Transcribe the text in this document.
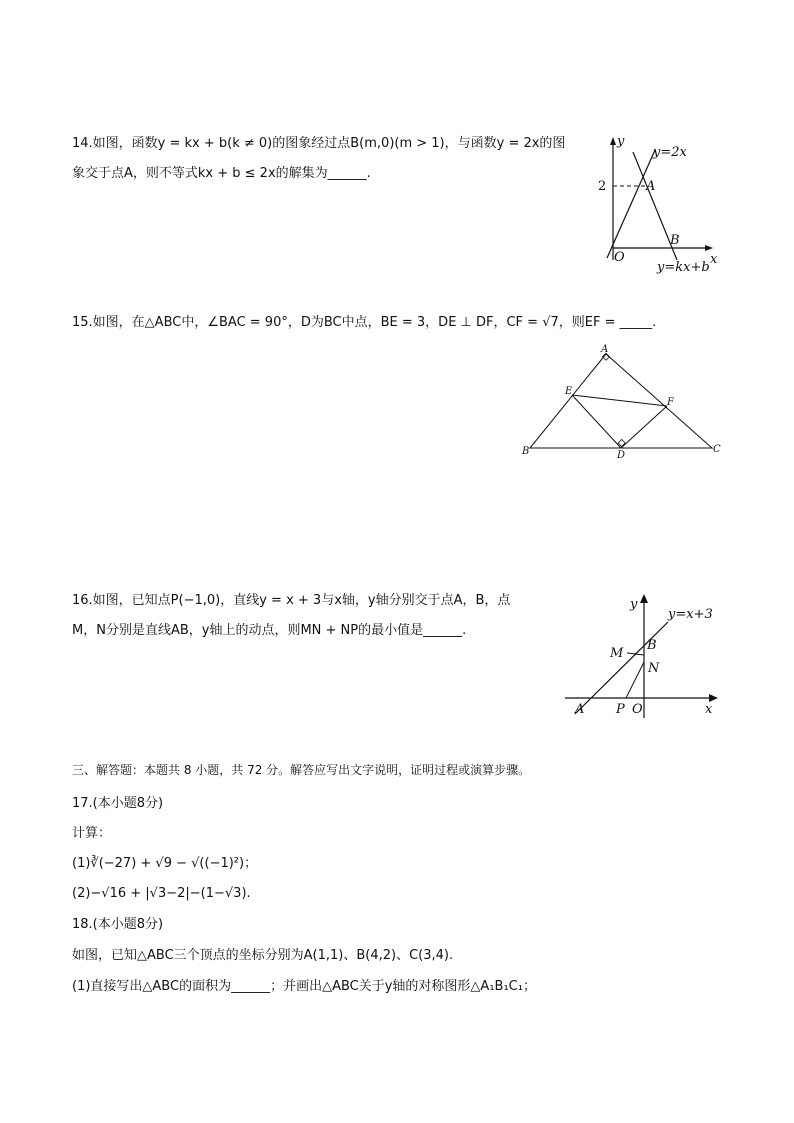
14.如图，函数y = kx + b(k ≠ 0)的图象经过点B(m,0)(m > 1)，与函数y = 2x的图
象交于点A，则不等式kx + b ≤ 2x的解集为______.
y
x
O
y=2x
y=kx+b
2	A
B
15.如图，在△ABC中，∠BAC = 90°，D为BC中点，BE = 3，DE ⊥ DF，CF = √7，则EF = _____.
A
B	C
D
E
F
16.如图，已知点P(−1,0)，直线y = x + 3与x轴，y轴分别交于点A，B，点
M，N分别是直线AB，y轴上的动点，则MN + NP的最小值是______.
y
x
y=x+3
A
B
M
N
P O
三、解答题：本题共 8 小题，共 72 分。解答应写出文字说明，证明过程或演算步骤。
17.(本小题8分)
计算：
(1)∛(−27) + √9 − √((−1)²)；
(2)−√16 + |√3−2|−(1−√3).
18.(本小题8分)
如图，已知△ABC三个顶点的坐标分别为A(1,1)、B(4,2)、C(3,4).
(1)直接写出△ABC的面积为______；并画出△ABC关于y轴的对称图形△A₁B₁C₁；
